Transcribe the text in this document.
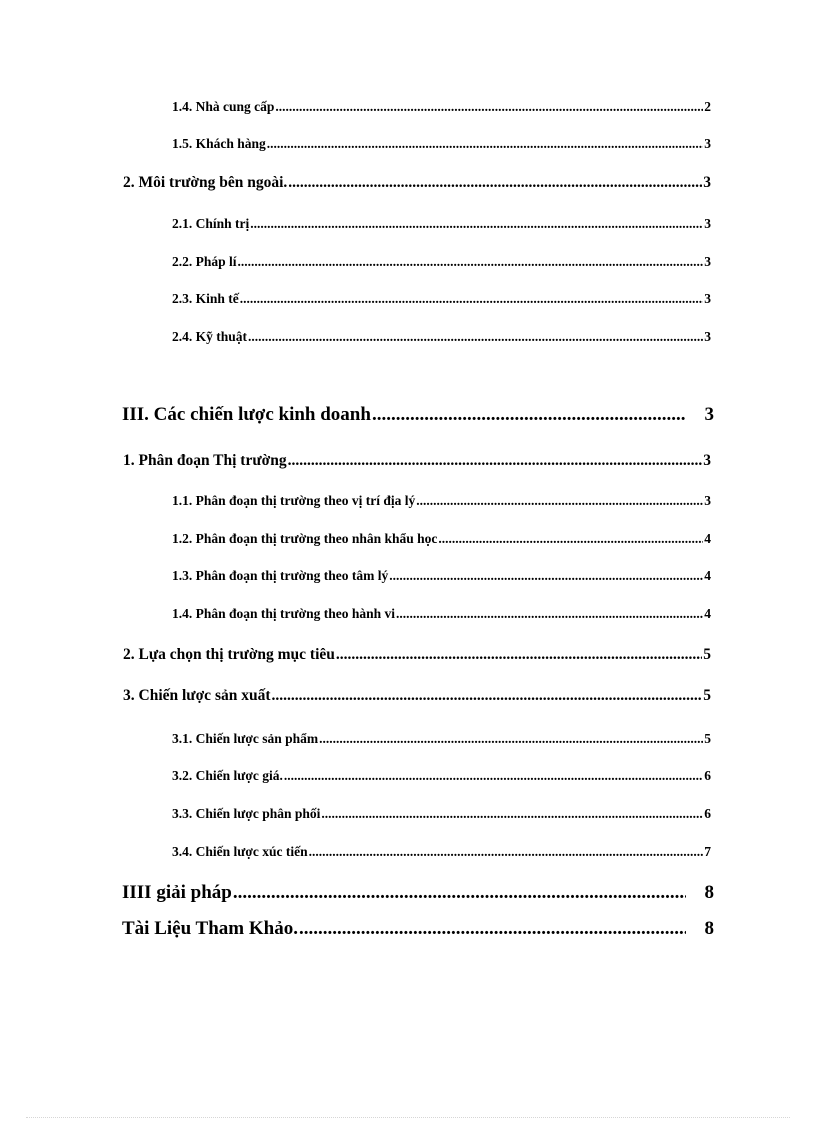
1.4. Nhà cung cấp .....	2
1.5. Khách hàng .....	3
2. Môi trường bên ngoài. .....	3
2.1. Chính trị .....	3
2.2. Pháp lí .....	3
2.3. Kinh tế .....	3
2.4. Kỹ thuật .....	3
III. Các chiến lược kinh doanh .....	3
1. Phân đoạn Thị trường .....	3
1.1. Phân đoạn thị trường theo vị trí địa lý .....	3
1.2. Phân đoạn thị trường theo nhân khẩu học .....	4
1.3. Phân đoạn thị trường theo tâm lý .....	4
1.4. Phân đoạn thị trường theo hành vi .....	4
2. Lựa chọn thị trường mục tiêu .....	5
3. Chiến lược sản xuất .....	5
3.1. Chiến lược sản phẩm .....	5
3.2. Chiến lược giá. .....	6
3.3. Chiến lược phân phối .....	6
3.4. Chiến lược xúc tiến .....	7
IIII giải pháp .....	8
Tài Liệu Tham Khảo. .....	8
